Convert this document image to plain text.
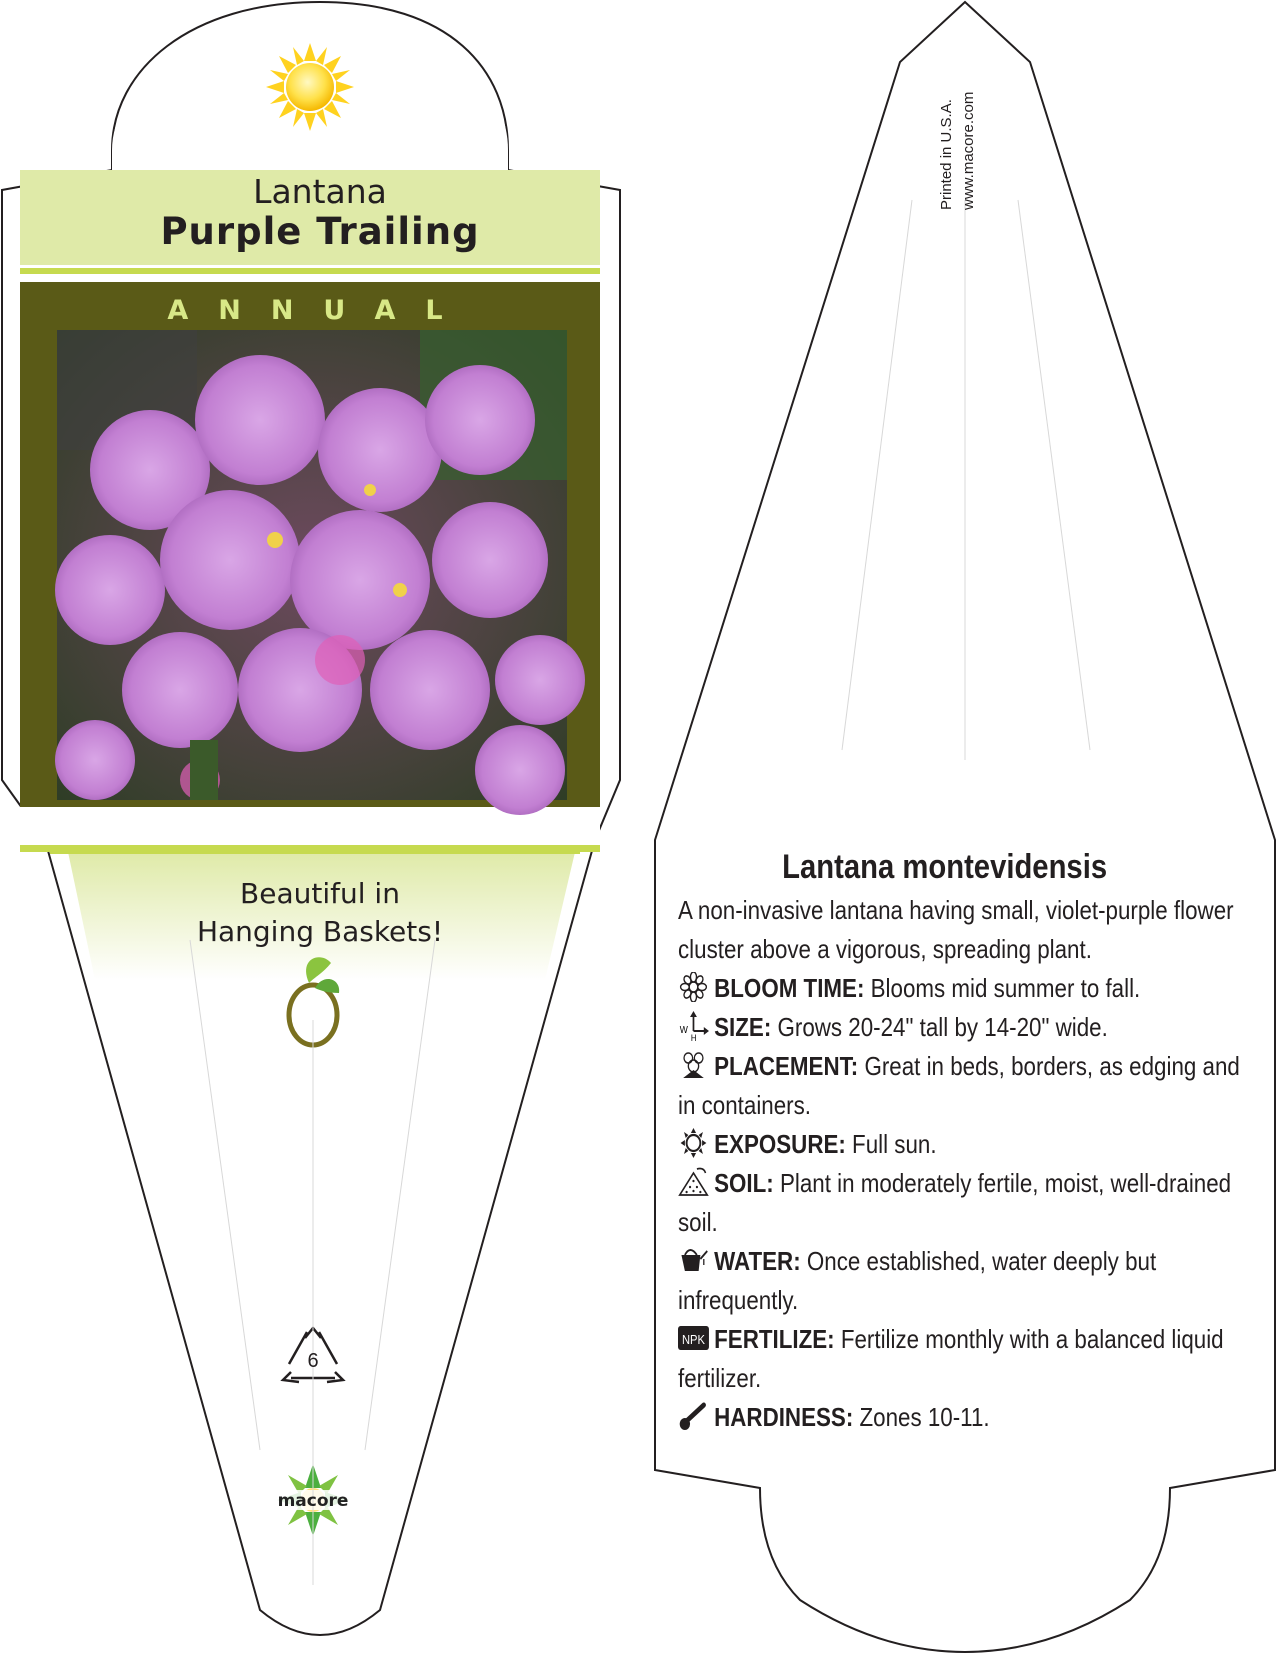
Lantana
Purple Trailing
ANNUAL
Beautiful in
Hanging Baskets!
6
macore
Printed in U.S.A. www.macore.com
Lantana montevidensis

A non-invasive lantana having small, violet-purple flower cluster above a vigorous, spreading plant.

BLOOM TIME: Blooms mid summer to fall.

W
H SIZE: Grows 20-24" tall by 14-20" wide.

PLACEMENT: Great in beds, borders, as edging and in containers.

EXPOSURE: Full sun.

SOIL: Plant in moderately fertile, moist, well-drained soil.

WATER: Once established, water deeply but infrequently.

NPK FERTILIZE: Fertilize monthly with a balanced liquid fertilizer.

HARDINESS: Zones 10-11.
